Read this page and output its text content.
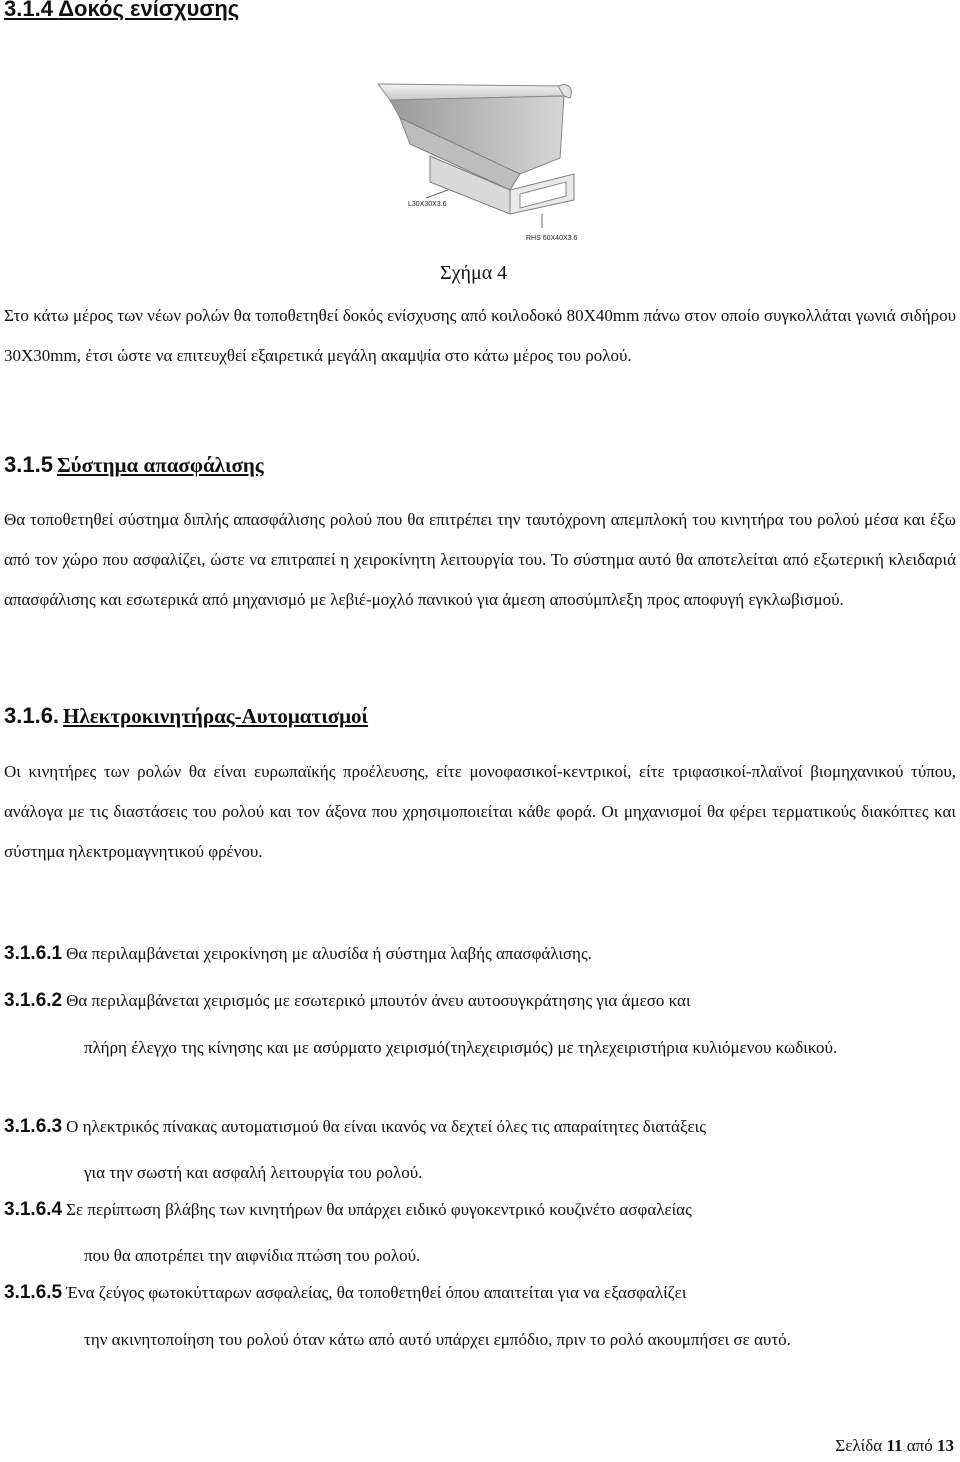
3.1.4 Δοκός ενίσχυσης
L30X30X3.6
RHS 60X40X3.6
Σχήμα 4
Στο κάτω μέρος των νέων ρολών θα τοποθετηθεί δοκός ενίσχυσης από κοιλοδοκό 80Χ40mm πάνω στον οποίο συγκολλάται γωνιά σιδήρου 30Χ30mm, έτσι ώστε να επιτευχθεί εξαιρετικά μεγάλη ακαμψία στο κάτω μέρος του ρολού.
3.1.5 Σύστημα απασφάλισης
Θα τοποθετηθεί σύστημα διπλής απασφάλισης ρολού που θα επιτρέπει την ταυτόχρονη απεμπλοκή του κινητήρα του ρολού μέσα και έξω από τον χώρο που ασφαλίζει, ώστε να επιτραπεί η χειροκίνητη λειτουργία του. Το σύστημα αυτό θα αποτελείται από εξωτερική κλειδαριά απασφάλισης και εσωτερικά από μηχανισμό με λεβιέ-μοχλό πανικού για άμεση αποσύμπλεξη προς αποφυγή εγκλωβισμού.
3.1.6. Ηλεκτροκινητήρας-Αυτοματισμοί
Οι κινητήρες των ρολών θα είναι ευρωπαϊκής προέλευσης, είτε μονοφασικοί-κεντρικοί, είτε τριφασικοί-πλαϊνοί βιομηχανικού τύπου, ανάλογα με τις διαστάσεις του ρολού και τον άξονα που χρησιμοποιείται κάθε φορά. Οι μηχανισμοί θα φέρει τερματικούς διακόπτες και σύστημα ηλεκτρομαγνητικού φρένου.
3.1.6.1 Θα περιλαμβάνεται χειροκίνηση με αλυσίδα ή σύστημα λαβής απασφάλισης.
3.1.6.2 Θα περιλαμβάνεται χειρισμός με εσωτερικό μπουτόν άνευ αυτοσυγκράτησης για άμεσο και
πλήρη έλεγχο της κίνησης και με ασύρματο χειρισμό(τηλεχειρισμός) με τηλεχειριστήρια κυλιόμενου κωδικού.
3.1.6.3 Ο ηλεκτρικός πίνακας αυτοματισμού θα είναι ικανός να δεχτεί όλες τις απαραίτητες διατάξεις
για την σωστή και ασφαλή λειτουργία του ρολού.
3.1.6.4 Σε περίπτωση βλάβης των κινητήρων θα υπάρχει ειδικό φυγοκεντρικό κουζινέτο ασφαλείας
που θα αποτρέπει την αιφνίδια πτώση του ρολού.
3.1.6.5 Ένα ζεύγος φωτοκύτταρων ασφαλείας, θα τοποθετηθεί όπου απαιτείται για να εξασφαλίζει
την ακινητοποίηση του ρολού όταν κάτω από αυτό υπάρχει εμπόδιο, πριν το ρολό ακουμπήσει σε αυτό.
Σελίδα 11 από 13
